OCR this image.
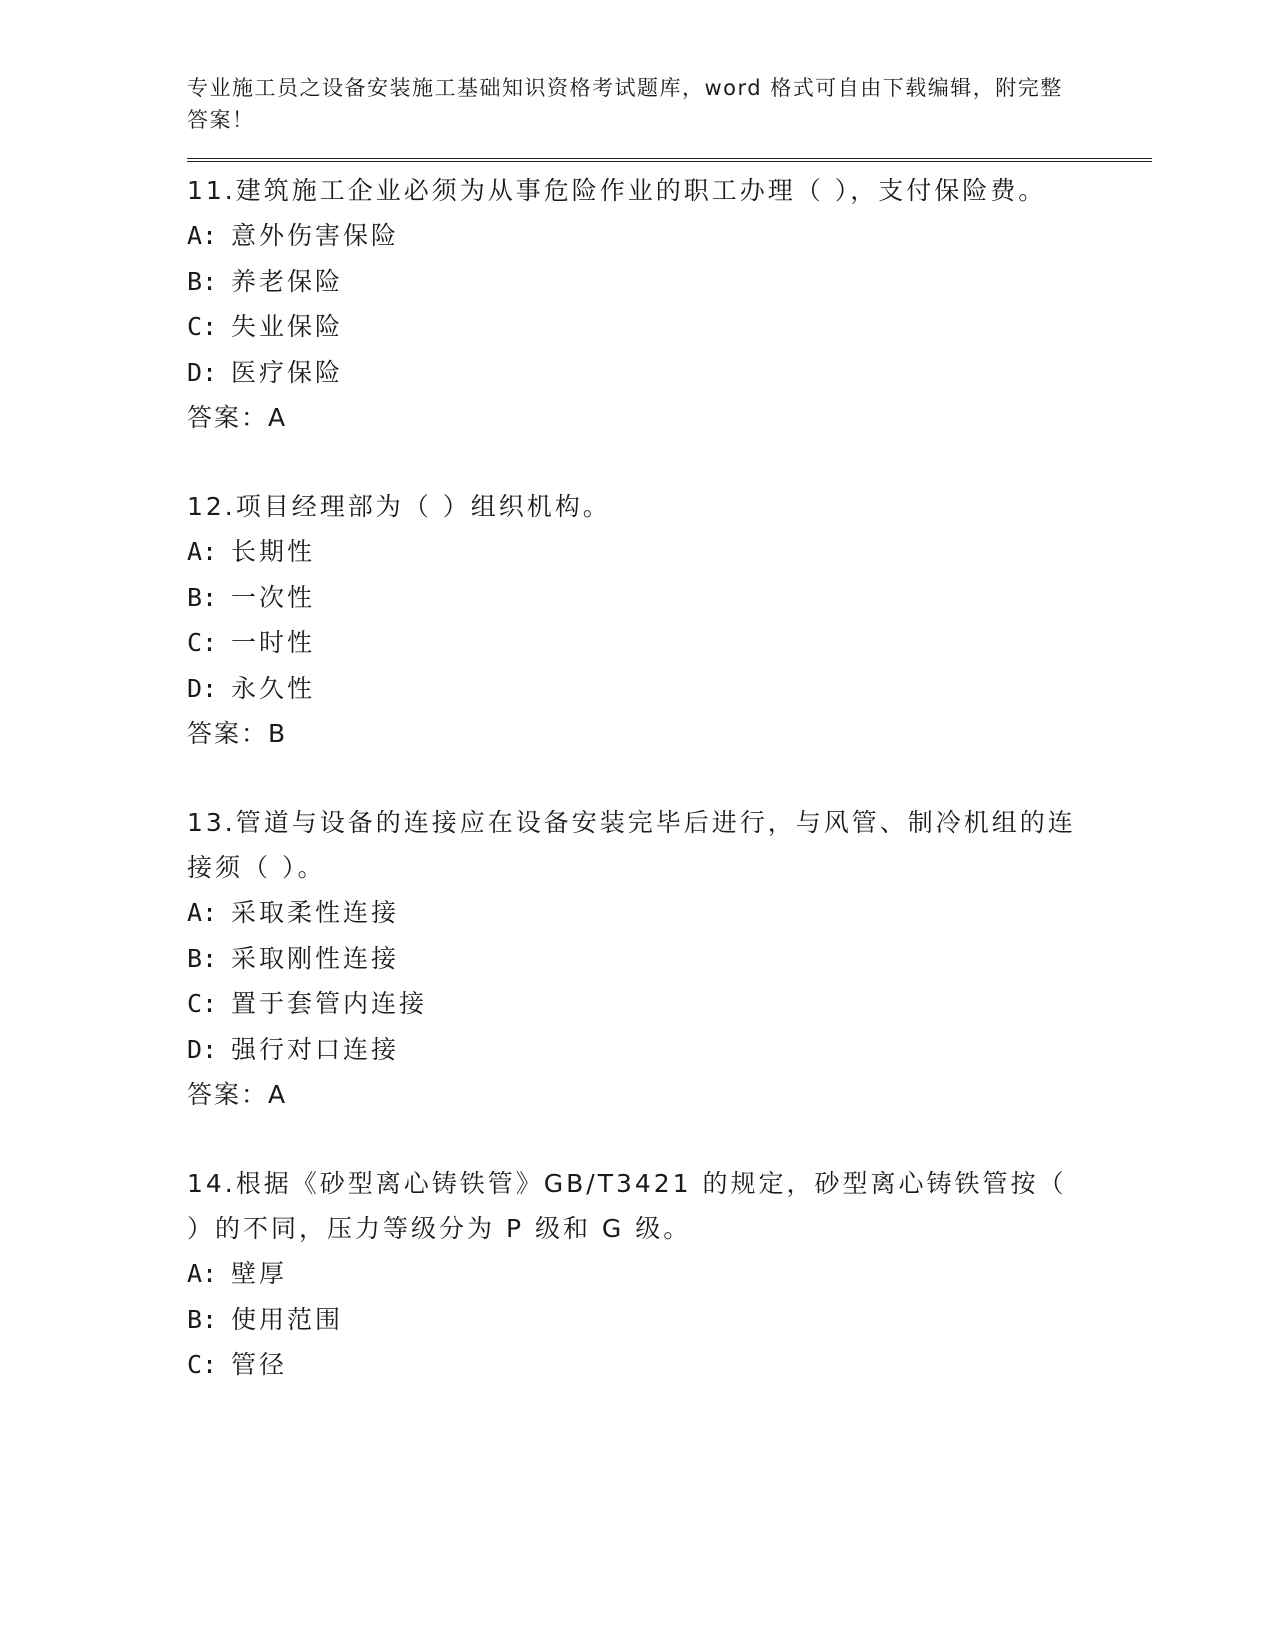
专业施工员之设备安装施工基础知识资格考试题库，word 格式可自由下载编辑，附完整答案！
11.建筑施工企业必须为从事危险作业的职工办理（ ），支付保险费。
A: 意外伤害保险
B: 养老保险
C: 失业保险
D: 医疗保险
答案：A
12.项目经理部为（ ）组织机构。
A: 长期性
B: 一次性
C: 一时性
D: 永久性
答案：B
13.管道与设备的连接应在设备安装完毕后进行，与风管、制冷机组的连接须（ ）。
A: 采取柔性连接
B: 采取刚性连接
C: 置于套管内连接
D: 强行对口连接
答案：A
14.根据《砂型离心铸铁管》GB/T3421 的规定，砂型离心铸铁管按（ ）的不同，压力等级分为 P 级和 G 级。
A: 壁厚
B: 使用范围
C: 管径
